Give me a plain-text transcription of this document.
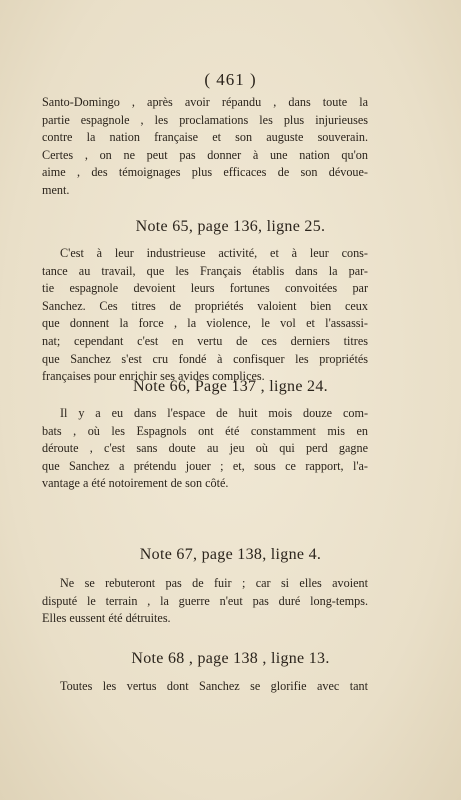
( 461 )
Santo-Domingo , après avoir répandu , dans toute la
partie espagnole , les proclamations les plus injurieuses
contre la nation française et son auguste souverain.
Certes , on ne peut pas donner à une nation qu'on
aime , des témoignages plus efficaces de son dévoue-
ment.
Note 65, page 136, ligne 25.
C'est à leur industrieuse activité, et à leur cons-
tance au travail, que les Français établis dans la par-
tie espagnole devoient leurs fortunes convoitées par
Sanchez. Ces titres de propriétés valoient bien ceux
que donnent la force , la violence, le vol et l'assassi-
nat; cependant c'est en vertu de ces derniers titres
que Sanchez s'est cru fondé à confisquer les propriétés
françaises pour enrichir ses avides complices.
Note 66, Page 137 , ligne 24.
Il y a eu dans l'espace de huit mois douze com-
bats , où les Espagnols ont été constamment mis en
déroute , c'est sans doute au jeu où qui perd gagne
que Sanchez a prétendu jouer ; et, sous ce rapport, l'a-
vantage a été notoirement de son côté.
Note 67, page 138, ligne 4.
Ne se rebuteront pas de fuir ; car si elles avoient
disputé le terrain , la guerre n'eut pas duré long-temps.
Elles eussent été détruites.
Note 68 , page 138 , ligne 13.
Toutes les vertus dont Sanchez se glorifie avec tant
